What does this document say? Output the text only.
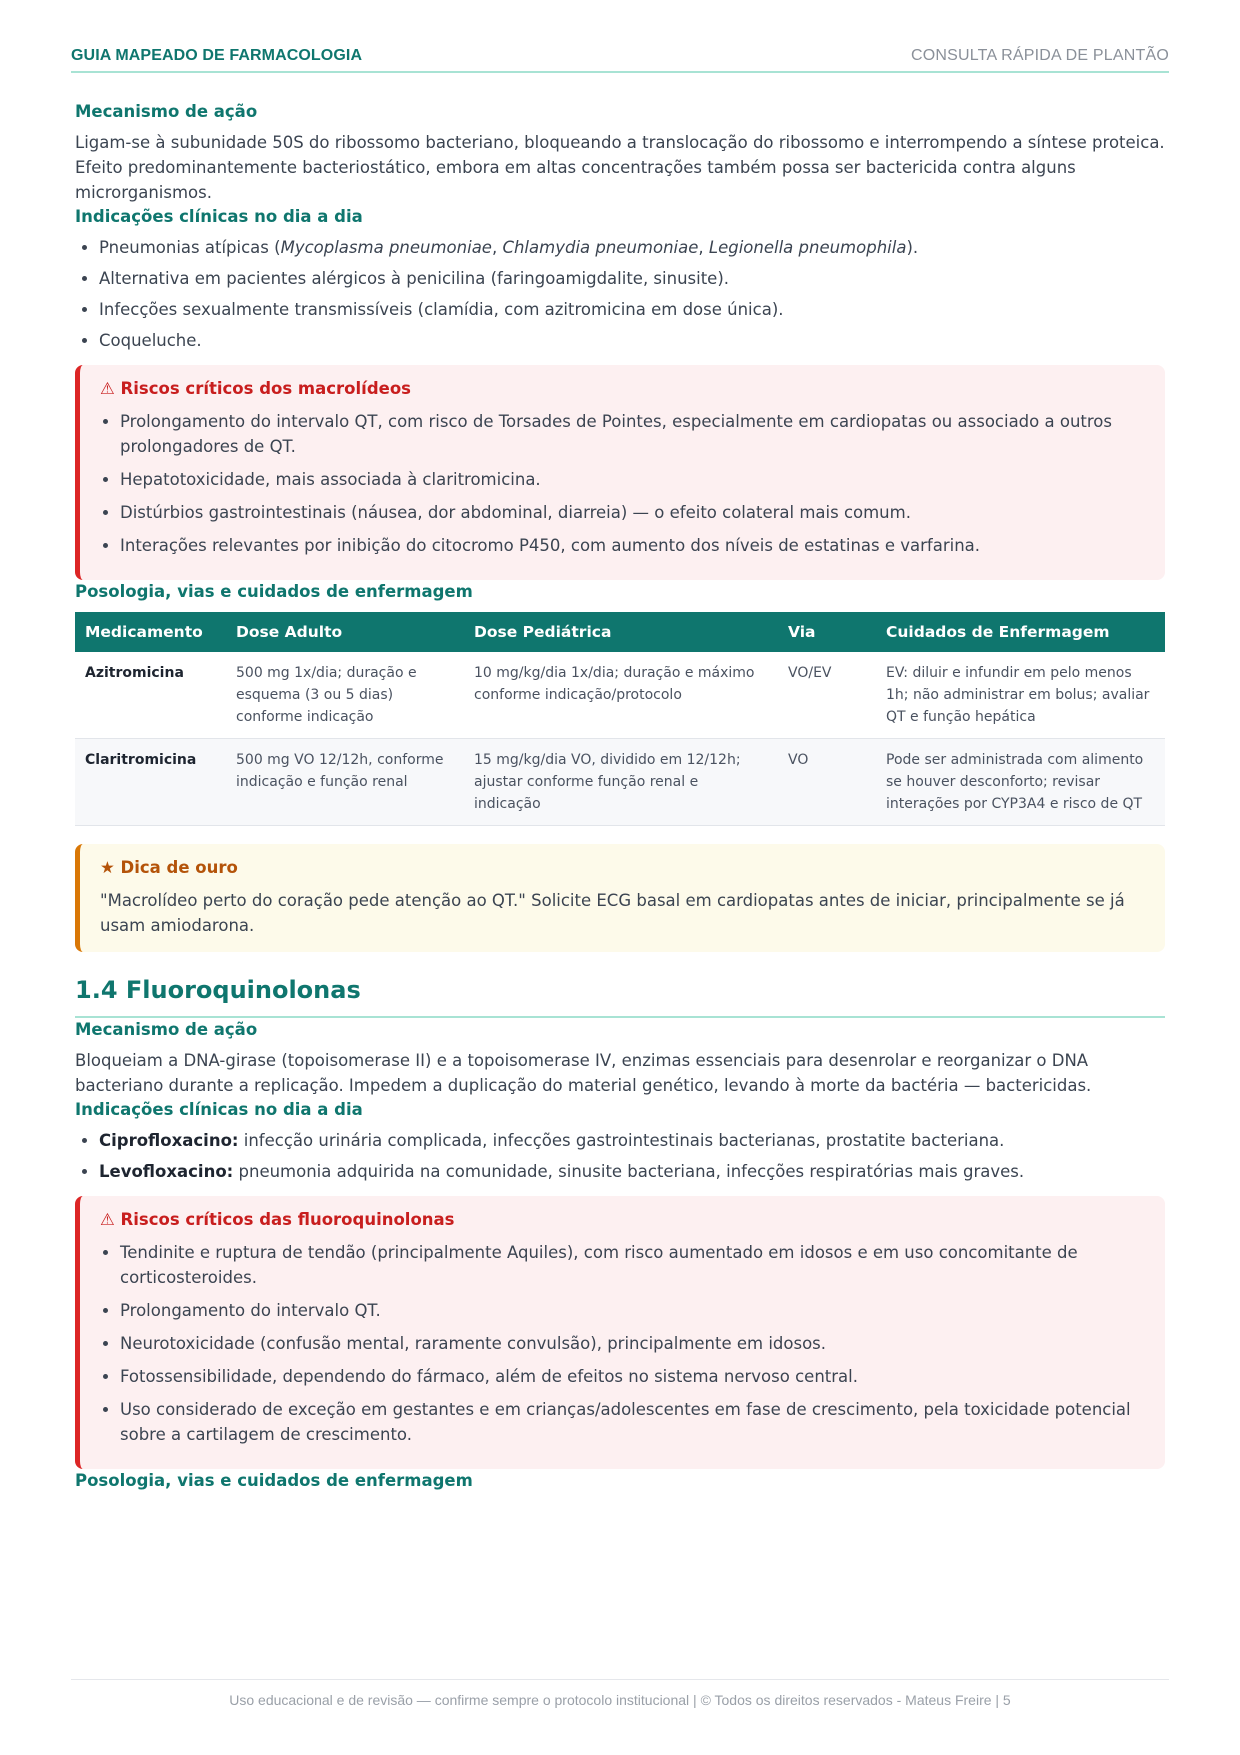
GUIA MAPEADO DE FARMACOLOGIA	CONSULTA RÁPIDA DE PLANTÃO
Mecanismo de ação

Ligam-se à subunidade 50S do ribossomo bacteriano, bloqueando a translocação do ribossomo e interrompendo a síntese proteica. Efeito predominantemente bacteriostático, embora em altas concentrações também possa ser bactericida contra alguns microrganismos.

Indicações clínicas no dia a dia
• Pneumonias atípicas (Mycoplasma pneumoniae, Chlamydia pneumoniae, Legionella pneumophila).
• Alternativa em pacientes alérgicos à penicilina (faringoamigdalite, sinusite).
• Infecções sexualmente transmissíveis (clamídia, com azitromicina em dose única).
• Coqueluche.
⚠ Riscos críticos dos macrolídeos
• Prolongamento do intervalo QT, com risco de Torsades de Pointes, especialmente em cardiopatas ou associado a outros prolongadores de QT.
• Hepatotoxicidade, mais associada à claritromicina.
• Distúrbios gastrointestinais (náusea, dor abdominal, diarreia) — o efeito colateral mais comum.
• Interações relevantes por inibição do citocromo P450, com aumento dos níveis de estatinas e varfarina.
Posologia, vias e cuidados de enfermagem
Medicamento	Dose Adulto	Dose Pediátrica	Via	Cuidados de Enfermagem
Azitromicina	500 mg 1x/dia; duração e esquema (3 ou 5 dias) conforme indicação	10 mg/kg/dia 1x/dia; duração e máximo conforme indicação/protocolo	VO/EV	EV: diluir e infundir em pelo menos 1h; não administrar em bolus; avaliar QT e função hepática
Claritromicina	500 mg VO 12/12h, conforme indicação e função renal	15 mg/kg/dia VO, dividido em 12/12h; ajustar conforme função renal e indicação	VO	Pode ser administrada com alimento se houver desconforto; revisar interações por CYP3A4 e risco de QT
★ Dica de ouro

"Macrolídeo perto do coração pede atenção ao QT." Solicite ECG basal em cardiopatas antes de iniciar, principalmente se já usam amiodarona.

1.4 Fluoroquinolonas
Mecanismo de ação

Bloqueiam a DNA-girase (topoisomerase II) e a topoisomerase IV, enzimas essenciais para desenrolar e reorganizar o DNA bacteriano durante a replicação. Impedem a duplicação do material genético, levando à morte da bactéria — bactericidas.

Indicações clínicas no dia a dia
• Ciprofloxacino: infecção urinária complicada, infecções gastrointestinais bacterianas, prostatite bacteriana.
• Levofloxacino: pneumonia adquirida na comunidade, sinusite bacteriana, infecções respiratórias mais graves.
⚠ Riscos críticos das fluoroquinolonas
• Tendinite e ruptura de tendão (principalmente Aquiles), com risco aumentado em idosos e em uso concomitante de corticosteroides.
• Prolongamento do intervalo QT.
• Neurotoxicidade (confusão mental, raramente convulsão), principalmente em idosos.
• Fotossensibilidade, dependendo do fármaco, além de efeitos no sistema nervoso central.
• Uso considerado de exceção em gestantes e em crianças/adolescentes em fase de crescimento, pela toxicidade potencial sobre a cartilagem de crescimento.
Posologia, vias e cuidados de enfermagem
Uso educacional e de revisão — confirme sempre o protocolo institucional | © Todos os direitos reservados - Mateus Freire | 5
